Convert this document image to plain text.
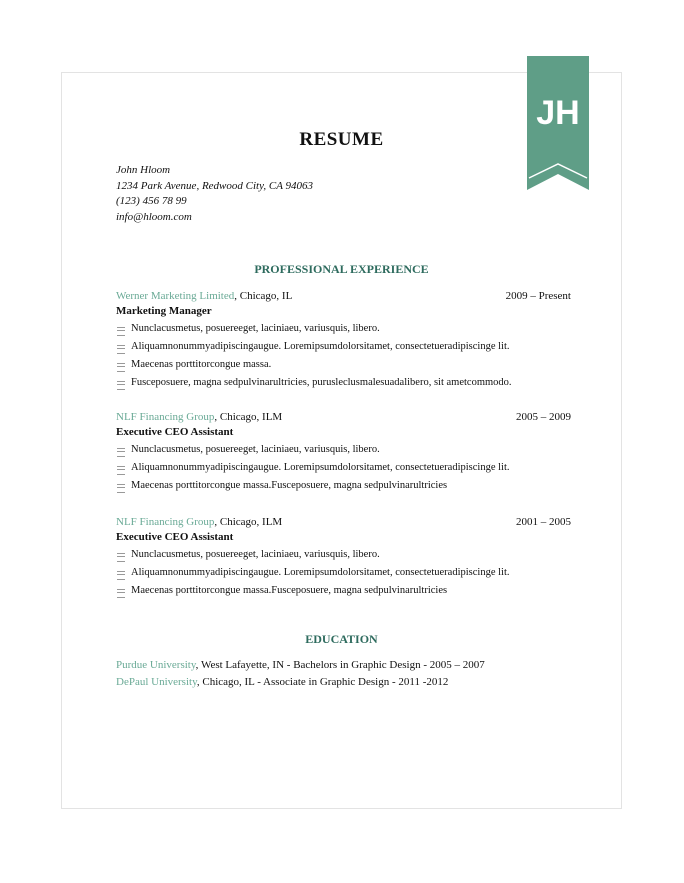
JH
RESUME
John Hloom
1234 Park Avenue, Redwood City, CA 94063
(123) 456 78 99
info@hloom.com
PROFESSIONAL EXPERIENCE
Werner Marketing Limited, Chicago, IL	2009 – Present
Marketing Manager
Nunclacusmetus, posuereeget, laciniaeu, variusquis, libero.
Aliquamnonummyadipiscingaugue. Loremipsumdolorsitamet, consectetueradipiscinge lit.
Maecenas porttitorcongue massa.
Fusceposuere, magna sedpulvinarultricies, purusleclusmalesuadalibero, sit ametcommodo.
NLF Financing Group, Chicago, ILM	2005 – 2009
Executive CEO Assistant
Nunclacusmetus, posuereeget, laciniaeu, variusquis, libero.
Aliquamnonummyadipiscingaugue. Loremipsumdolorsitamet, consectetueradipiscinge lit.
Maecenas porttitorcongue massa.Fusceposuere, magna sedpulvinarultricies
NLF Financing Group, Chicago, ILM	2001 – 2005
Executive CEO Assistant
Nunclacusmetus, posuereeget, laciniaeu, variusquis, libero.
Aliquamnonummyadipiscingaugue. Loremipsumdolorsitamet, consectetueradipiscinge lit.
Maecenas porttitorcongue massa.Fusceposuere, magna sedpulvinarultricies
EDUCATION
Purdue University, West Lafayette, IN - Bachelors in Graphic Design - 2005 – 2007
DePaul University, Chicago, IL - Associate in Graphic Design - 2011 -2012
